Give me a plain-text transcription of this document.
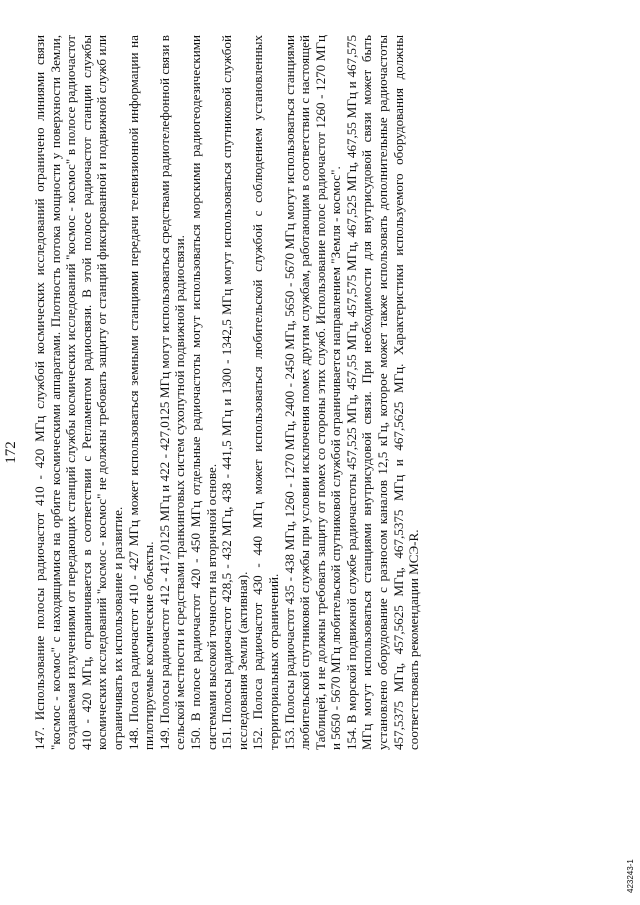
172 147. Использование полосы радиочастот 410 - 420 МГц службой космических исследований ограничено линиями связи "космос - космос" с находящимися на орбите космическими аппаратами. Плотность потока мощности у поверхности Земли, создаваемая излучениями от передающих станций службы космических исследований "космос - космос" в полосе радиочастот 410 - 420 МГц, ограничивается в соответствии с Регламентом радиосвязи. В этой полосе радиочастот станции службы космических исследований "космос - космос" не должны требовать защиту от станций фиксированной и подвижной служб или ограничивать их использование и развитие. 148. Полоса радиочастот 410 - 427 МГц может использоваться земными станциями передачи телевизионной информации на пилотируемые космические объекты. 149. Полосы радиочастот 412 - 417,0125 МГц и 422 - 427,0125 МГц могут использоваться средствами радиотелефонной связи в сельской местности и средствами транкинговых систем сухопутной подвижной радиосвязи. 150. В полосе радиочастот 420 - 450 МГц отдельные радиочастоты могут использоваться морскими радиогеодезическими системами высокой точности на вторичной основе. 151. Полосы радиочастот 428,5 - 432 МГц, 438 - 441,5 МГц и 1300 - 1342,5 МГц могут использоваться спутниковой службой исследования Земли (активная). 152. Полоса радиочастот 430 - 440 МГц может использоваться любительской службой с соблюдением установленных территориальных ограничений. 153. Полосы радиочастот 435 - 438 МГц, 1260 - 1270 МГц, 2400 - 2450 МГц, 5650 - 5670 МГц могут использоваться станциями любительской спутниковой службы при условии исключения помех другим службам, работающим в соответствии с настоящей Таблицей, и не должны требовать защиту от помех со стороны этих служб. Использование полос радиочастот 1260 - 1270 МГц и 5650 - 5670 МГц любительской спутниковой службой ограничивается направлением "Земля - космос". 154. В морской подвижной службе радиочастоты 457,525 МГц, 457,55 МГц, 457,575 МГц, 467,525 МГц, 467,55 МГц и 467,575 МГц могут использоваться станциями внутрисудовой связи. При необходимости для внутрисудовой связи может быть установлено оборудование с разносом каналов 12,5 кГц, которое может также использовать дополнительные радиочастоты 457,5375 МГц, 457,5625 МГц, 467,5375 МГц и 467,5625 МГц. Характеристики используемого оборудования должны соответствовать рекомендации МСЭ-R.

423243-1
